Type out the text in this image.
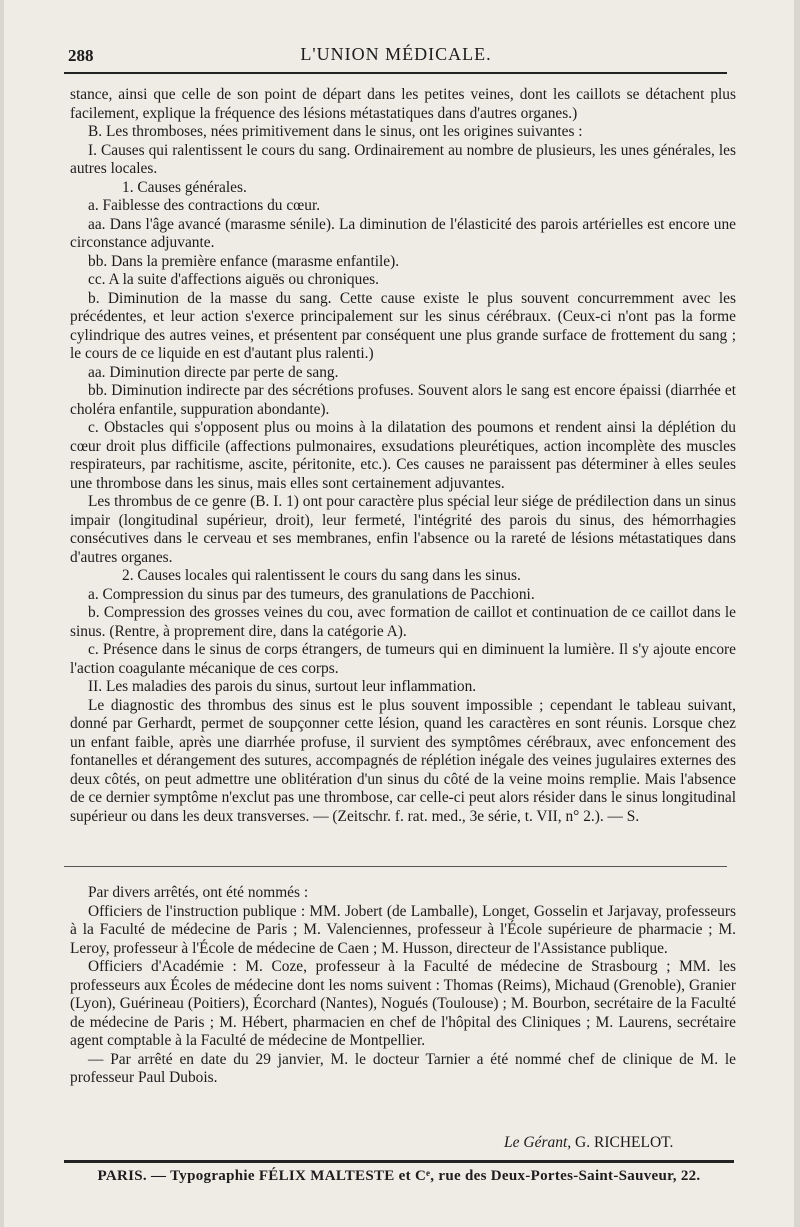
288	L'UNION MÉDICALE.

stance, ainsi que celle de son point de départ dans les petites veines, dont les caillots se détachent plus facilement, explique la fréquence des lésions métastatiques dans d'autres organes.)

B. Les thromboses, nées primitivement dans le sinus, ont les origines suivantes :

I. Causes qui ralentissent le cours du sang. Ordinairement au nombre de plusieurs, les unes générales, les autres locales.

1. Causes générales.

a. Faiblesse des contractions du cœur.

aa. Dans l'âge avancé (marasme sénile). La diminution de l'élasticité des parois artérielles est encore une circonstance adjuvante.

bb. Dans la première enfance (marasme enfantile).

cc. A la suite d'affections aiguës ou chroniques.

b. Diminution de la masse du sang. Cette cause existe le plus souvent concurremment avec les précédentes, et leur action s'exerce principalement sur les sinus cérébraux. (Ceux-ci n'ont pas la forme cylindrique des autres veines, et présentent par conséquent une plus grande surface de frottement du sang ; le cours de ce liquide en est d'autant plus ralenti.)

aa. Diminution directe par perte de sang.

bb. Diminution indirecte par des sécrétions profuses. Souvent alors le sang est encore épaissi (diarrhée et choléra enfantile, suppuration abondante).

c. Obstacles qui s'opposent plus ou moins à la dilatation des poumons et rendent ainsi la déplétion du cœur droit plus difficile (affections pulmonaires, exsudations pleurétiques, action incomplète des muscles respirateurs, par rachitisme, ascite, péritonite, etc.). Ces causes ne paraissent pas déterminer à elles seules une thrombose dans les sinus, mais elles sont certainement adjuvantes.

Les thrombus de ce genre (B. I. 1) ont pour caractère plus spécial leur siége de prédilection dans un sinus impair (longitudinal supérieur, droit), leur fermeté, l'intégrité des parois du sinus, des hémorrhagies consécutives dans le cerveau et ses membranes, enfin l'absence ou la rareté de lésions métastatiques dans d'autres organes.

2. Causes locales qui ralentissent le cours du sang dans les sinus.

a. Compression du sinus par des tumeurs, des granulations de Pacchioni.

b. Compression des grosses veines du cou, avec formation de caillot et continuation de ce caillot dans le sinus. (Rentre, à proprement dire, dans la catégorie A).

c. Présence dans le sinus de corps étrangers, de tumeurs qui en diminuent la lumière. Il s'y ajoute encore l'action coagulante mécanique de ces corps.

II. Les maladies des parois du sinus, surtout leur inflammation.

Le diagnostic des thrombus des sinus est le plus souvent impossible ; cependant le tableau suivant, donné par Gerhardt, permet de soupçonner cette lésion, quand les caractères en sont réunis. Lorsque chez un enfant faible, après une diarrhée profuse, il survient des symptômes cérébraux, avec enfoncement des fontanelles et dérangement des sutures, accompagnés de réplétion inégale des veines jugulaires externes des deux côtés, on peut admettre une oblitération d'un sinus du côté de la veine moins remplie. Mais l'absence de ce dernier symptôme n'exclut pas une thrombose, car celle-ci peut alors résider dans le sinus longitudinal supérieur ou dans les deux transverses. — (Zeitschr. f. rat. med., 3e série, t. VII, n° 2.). — S.

Par divers arrêtés, ont été nommés :

Officiers de l'instruction publique : MM. Jobert (de Lamballe), Longet, Gosselin et Jarjavay, professeurs à la Faculté de médecine de Paris ; M. Valenciennes, professeur à l'École supérieure de pharmacie ; M. Leroy, professeur à l'École de médecine de Caen ; M. Husson, directeur de l'Assistance publique.

Officiers d'Académie : M. Coze, professeur à la Faculté de médecine de Strasbourg ; MM. les professeurs aux Écoles de médecine dont les noms suivent : Thomas (Reims), Michaud (Grenoble), Granier (Lyon), Guérineau (Poitiers), Écorchard (Nantes), Nogués (Toulouse) ; M. Bourbon, secrétaire de la Faculté de médecine de Paris ; M. Hébert, pharmacien en chef de l'hôpital des Cliniques ; M. Laurens, secrétaire agent comptable à la Faculté de médecine de Montpellier.

— Par arrêté en date du 29 janvier, M. le docteur Tarnier a été nommé chef de clinique de M. le professeur Paul Dubois.

Le Gérant, G. RICHELOT.
PARIS. — Typographie FÉLIX MALTESTE et Cᵉ, rue des Deux-Portes-Saint-Sauveur, 22.
